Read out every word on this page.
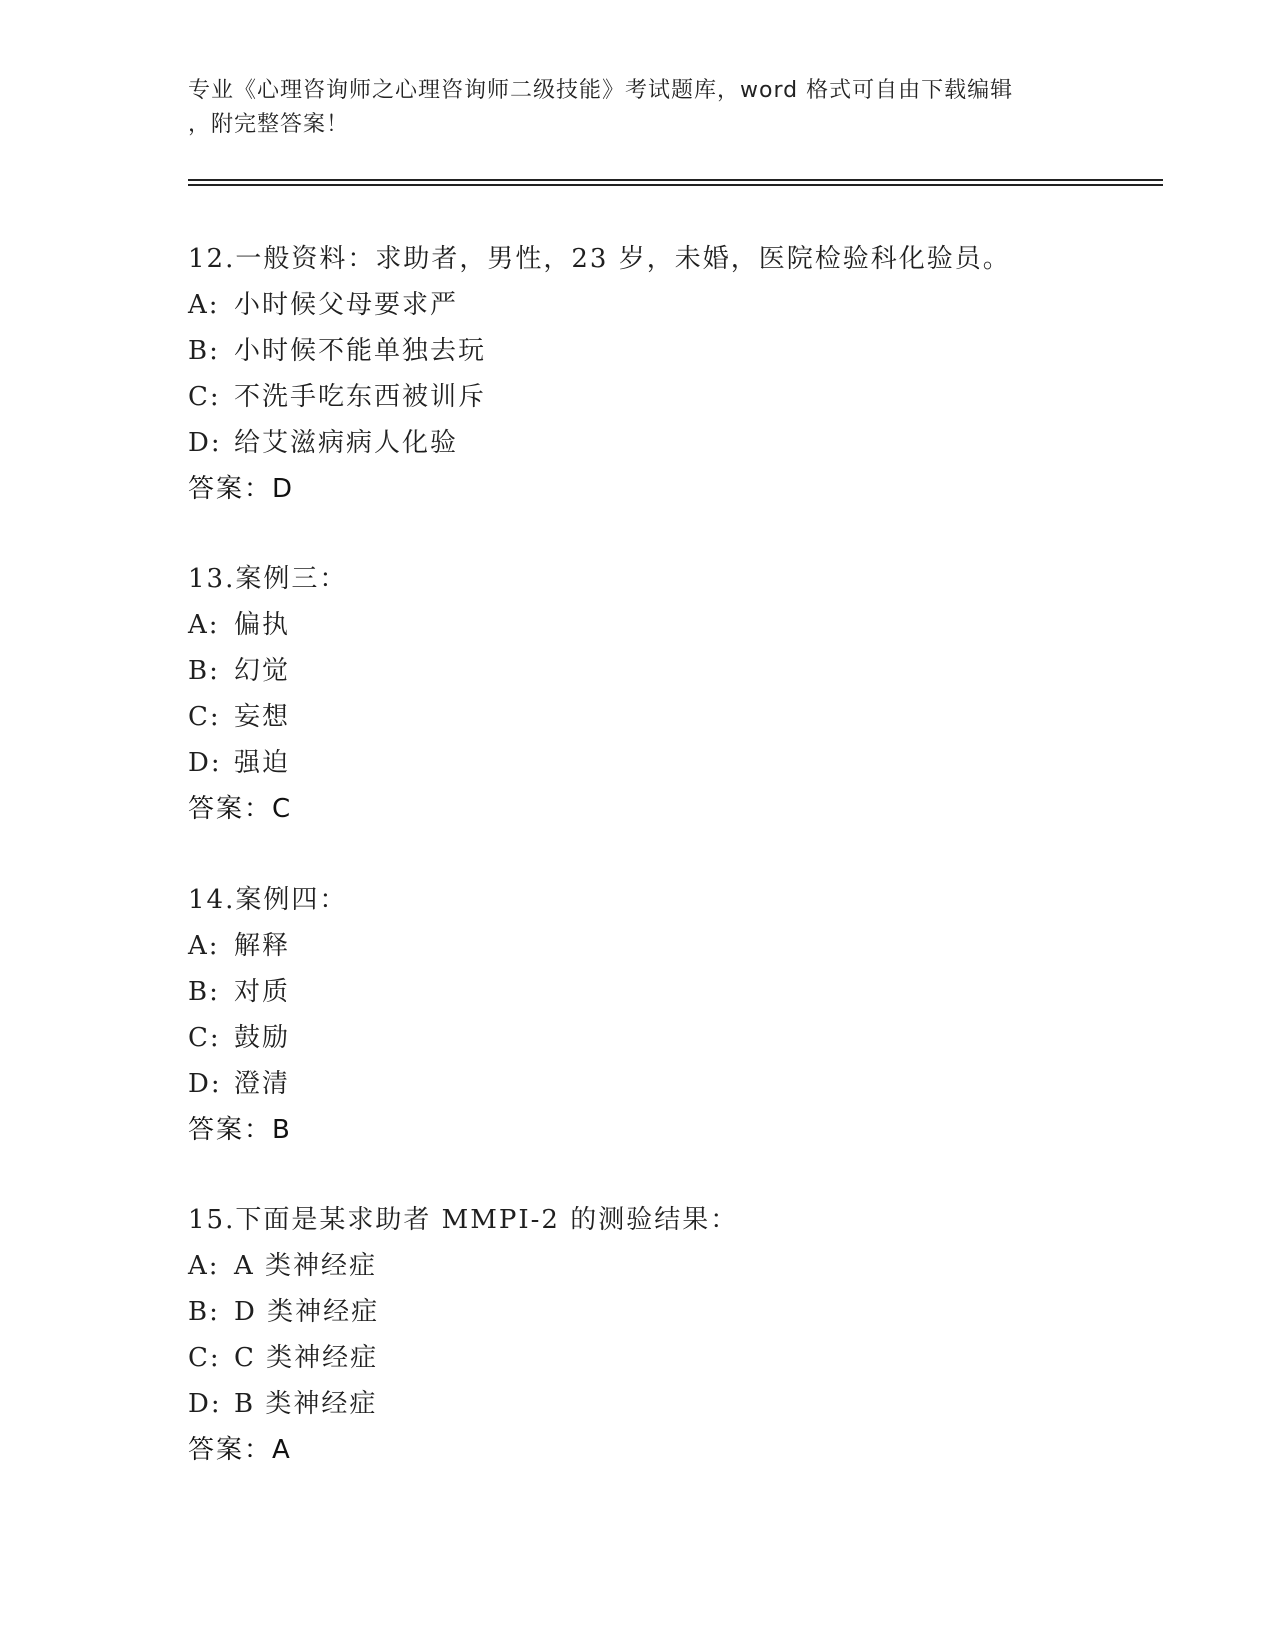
专业《心理咨询师之心理咨询师二级技能》考试题库，word 格式可自由下载编辑
，附完整答案！
12.一般资料：求助者，男性，23 岁，未婚，医院检验科化验员。
A: 小时候父母要求严
B: 小时候不能单独去玩
C: 不洗手吃东西被训斥
D: 给艾滋病病人化验
答案：D
13.案例三：
A: 偏执
B: 幻觉
C: 妄想
D: 强迫
答案：C
14.案例四：
A: 解释
B: 对质
C: 鼓励
D: 澄清
答案：B
15.下面是某求助者 MMPI-2 的测验结果：
A: A 类神经症
B: D 类神经症
C: C 类神经症
D: B 类神经症
答案：A
